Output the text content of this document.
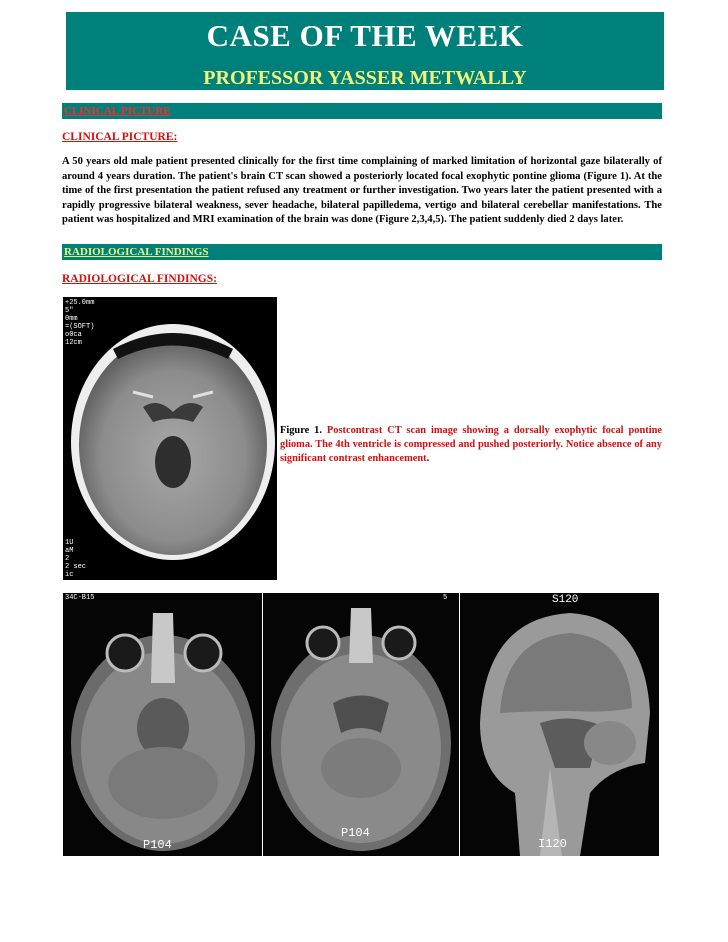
CASE OF THE WEEK
PROFESSOR YASSER METWALLY
CLINICAL PICTURE
CLINICAL PICTURE:
A 50 years old male patient presented clinically for the first time complaining of marked limitation of horizontal gaze bilaterally of around 4 years duration. The patient's brain CT scan showed a posteriorly located focal exophytic pontine glioma (Figure 1). At the time of the first presentation the patient refused any treatment or further investigation. Two years later the patient presented with a rapidly progressive bilateral weakness, sever headache, bilateral papilledema, vertigo and bilateral cerebellar manifestations. The patient was hospitalized and MRI examination of the brain was done (Figure 2,3,4,5). The patient suddenly died 2 days later.
RADIOLOGICAL FINDINGS
RADIOLOGICAL FINDINGS:
+25.0mm
5"
0mm
=(SOFT)
o0ca
12cm
1U
aM
2
2 sec
ic
Figure 1. Postcontrast CT scan image showing a dorsally exophytic focal pontine glioma. The 4th ventricle is compressed and pushed posteriorly. Notice absence of any significant contrast enhancement.
34C-B15
P104
5
P104
S120
I120
